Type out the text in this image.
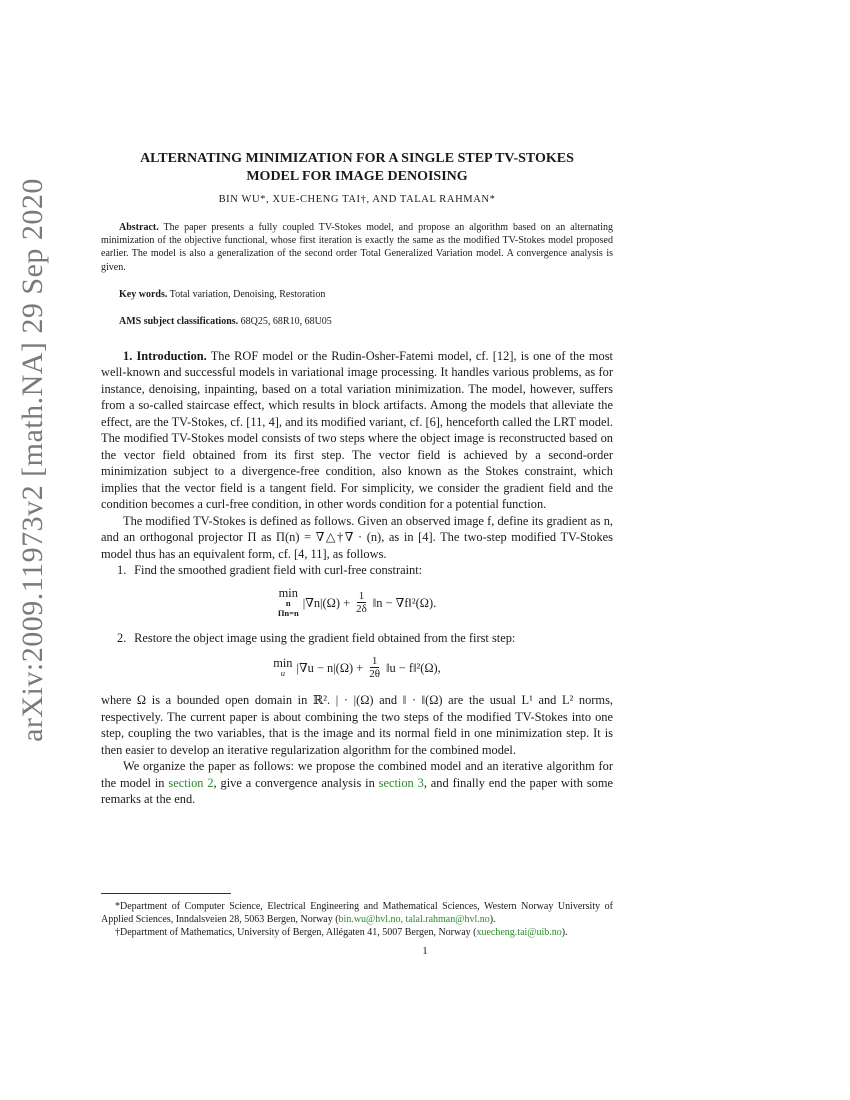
arXiv:2009.11973v2 [math.NA] 29 Sep 2020
ALTERNATING MINIMIZATION FOR A SINGLE STEP TV-STOKES
MODEL FOR IMAGE DENOISING
BIN WU*, XUE-CHENG TAI†, AND TALAL RAHMAN*
Abstract. The paper presents a fully coupled TV-Stokes model, and propose an algorithm based on an alternating minimization of the objective functional, whose first iteration is exactly the same as the modified TV-Stokes model proposed earlier. The model is also a generalization of the second order Total Generalized Variation model. A convergence analysis is given.
Key words. Total variation, Denoising, Restoration
AMS subject classifications. 68Q25, 68R10, 68U05

1. Introduction. The ROF model or the Rudin-Osher-Fatemi model, cf. [12], is one of the most well-known and successful models in variational image processing. It handles various problems, as for instance, denoising, inpainting, based on a total variation minimization. The model, however, suffers from a so-called staircase effect, which results in block artifacts. Among the models that alleviate the effect, are the TV-Stokes, cf. [11, 4], and its modified variant, cf. [6], henceforth called the LRT model. The modified TV-Stokes model consists of two steps where the object image is reconstructed based on the vector field obtained from its first step. The vector field is achieved by a second-order minimization subject to a divergence-free condition, also known as the Stokes constraint, which implies that the vector field is a tangent field. For simplicity, we consider the gradient field and the condition becomes a curl-free condition, in other words condition for a potential function.

The modified TV-Stokes is defined as follows. Given an observed image f, define its gradient as n, and an orthogonal projector Π as Π(n) = ∇△†∇ · (n), as in [4]. The two-step modified TV-Stokes model thus has an equivalent form, cf. [4, 11], as follows.

1. Find the smoothed gradient field with curl-free constraint:

min
n
Πn=n
$|\nabla n|(\Omega) + \frac{1}{2\delta}$ ‖n − ∇f‖²(Ω).

2. Restore the object image using the gradient field obtained from the first step:

min
u $|\nabla u - n|(\Omega) + \frac{1}{2\theta}$ ‖u − f‖²(Ω),

where Ω is a bounded open domain in ℝ². | · |(Ω) and ‖ · ‖(Ω) are the usual L¹ and L² norms, respectively. The current paper is about combining the two steps of the modified TV-Stokes into one step, coupling the two variables, that is the image and its normal field in one minimization step. It is then easier to develop an iterative regularization algorithm for the combined model.

We organize the paper as follows: we propose the combined model and an iterative algorithm for the model in section 2, give a convergence analysis in section 3, and finally end the paper with some remarks at the end.

*Department of Computer Science, Electrical Engineering and Mathematical Sciences, Western Norway University of Applied Sciences, Inndalsveien 28, 5063 Bergen, Norway (bin.wu@hvl.no, talal.rahman@hvl.no).

†Department of Mathematics, University of Bergen, Allégaten 41, 5007 Bergen, Norway (xuecheng.tai@uib.no).

1
